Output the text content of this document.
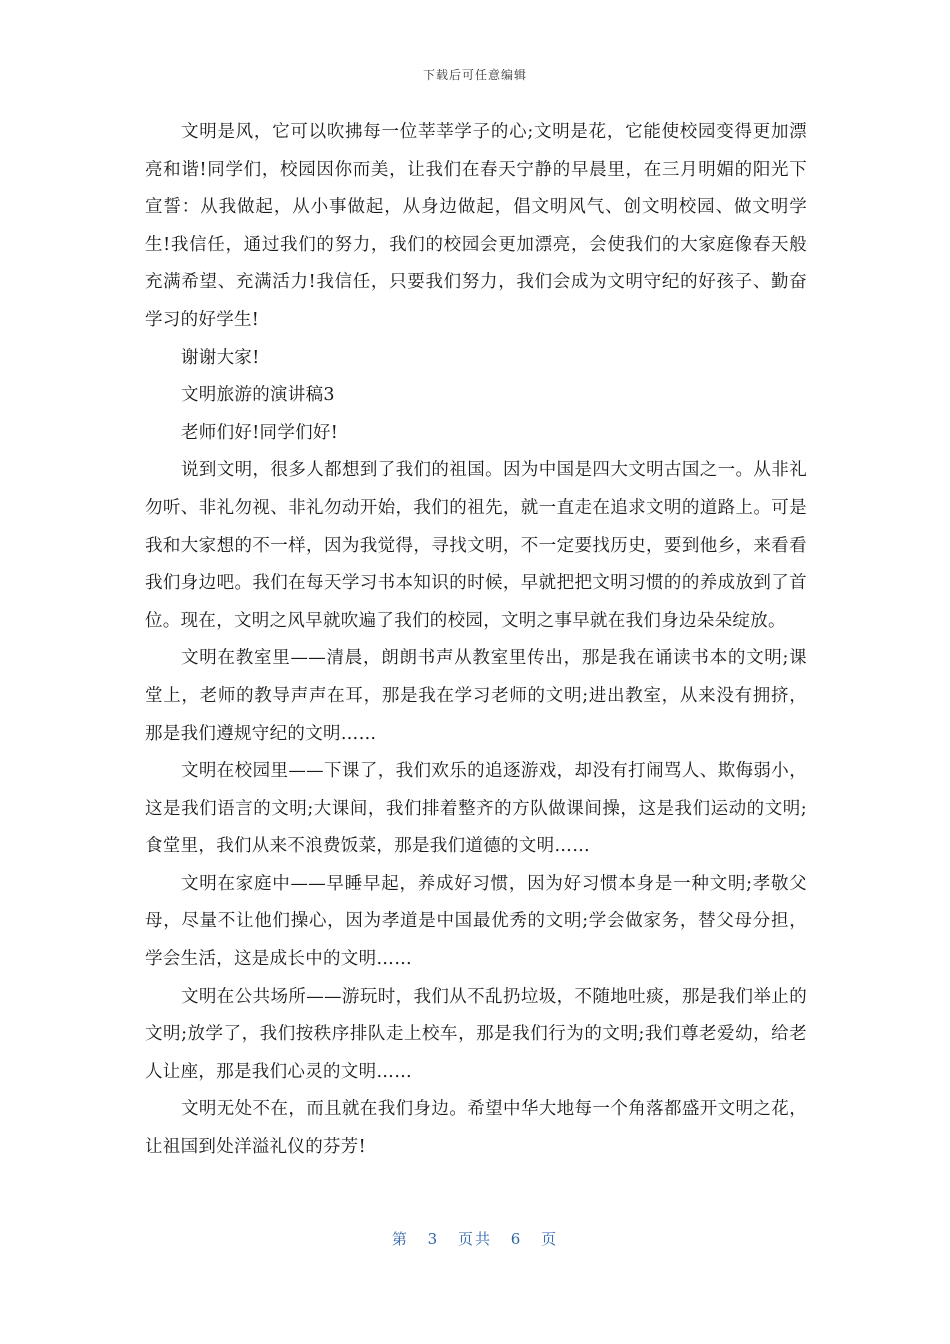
下载后可任意编辑

文明是风，它可以吹拂每一位莘莘学子的心;文明是花，它能使校园变得更加漂亮和谐!同学们，校园因你而美，让我们在春天宁静的早晨里，在三月明媚的阳光下宣誓：从我做起，从小事做起，从身边做起，倡文明风气、创文明校园、做文明学生!我信任，通过我们的努力，我们的校园会更加漂亮，会使我们的大家庭像春天般充满希望、充满活力!我信任，只要我们努力，我们会成为文明守纪的好孩子、勤奋学习的好学生!

谢谢大家!

文明旅游的演讲稿3

老师们好!同学们好!

说到文明，很多人都想到了我们的祖国。因为中国是四大文明古国之一。从非礼勿听、非礼勿视、非礼勿动开始，我们的祖先，就一直走在追求文明的道路上。可是我和大家想的不一样，因为我觉得，寻找文明，不一定要找历史，要到他乡，来看看我们身边吧。我们在每天学习书本知识的时候，早就把把文明习惯的的养成放到了首位。现在，文明之风早就吹遍了我们的校园，文明之事早就在我们身边朵朵绽放。

文明在教室里——清晨，朗朗书声从教室里传出，那是我在诵读书本的文明;课堂上，老师的教导声声在耳，那是我在学习老师的文明;进出教室，从来没有拥挤，那是我们遵规守纪的文明……

文明在校园里——下课了，我们欢乐的追逐游戏，却没有打闹骂人、欺侮弱小，这是我们语言的文明;大课间，我们排着整齐的方队做课间操，这是我们运动的文明;食堂里，我们从来不浪费饭菜，那是我们道德的文明……

文明在家庭中——早睡早起，养成好习惯，因为好习惯本身是一种文明;孝敬父母，尽量不让他们操心，因为孝道是中国最优秀的文明;学会做家务，替父母分担，学会生活，这是成长中的文明……

文明在公共场所——游玩时，我们从不乱扔垃圾，不随地吐痰，那是我们举止的文明;放学了，我们按秩序排队走上校车，那是我们行为的文明;我们尊老爱幼，给老人让座，那是我们心灵的文明……

文明无处不在，而且就在我们身边。希望中华大地每一个角落都盛开文明之花，让祖国到处洋溢礼仪的芬芳!

第 3 页共 6 页
